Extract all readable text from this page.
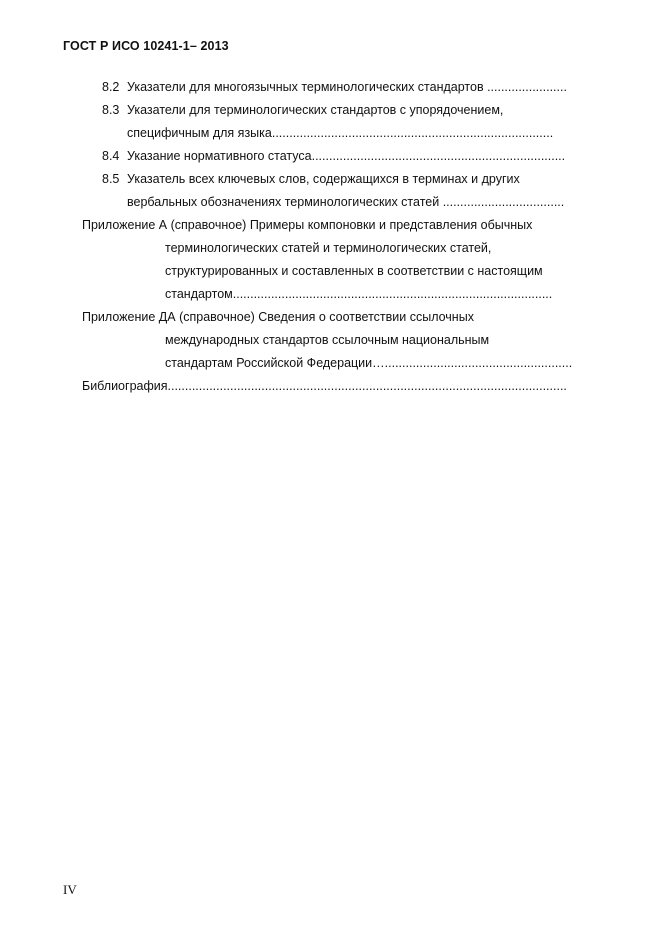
ГОСТ Р ИСО 10241-1– 2013
8.2 Указатели для многоязычных терминологических стандартов .......................
8.3 Указатели для терминологических стандартов с упорядочением,
специфичным для языка.................................................................................
8.4 Указание нормативного статуса.........................................................................
8.5 Указатель всех ключевых слов, содержащихся в терминах и других
вербальных обозначениях терминологических статей ...................................
Приложение А (справочное) Примеры компоновки и представления обычных
терминологических статей и терминологических статей,
структурированных и составленных в соответствии с настоящим
стандартом............................................................................................
Приложение ДА (справочное) Сведения о соответствии ссылочных
международных стандартов ссылочным национальным
стандартам Российской Федерации…......................................................
Библиография...................................................................................................................
IV
